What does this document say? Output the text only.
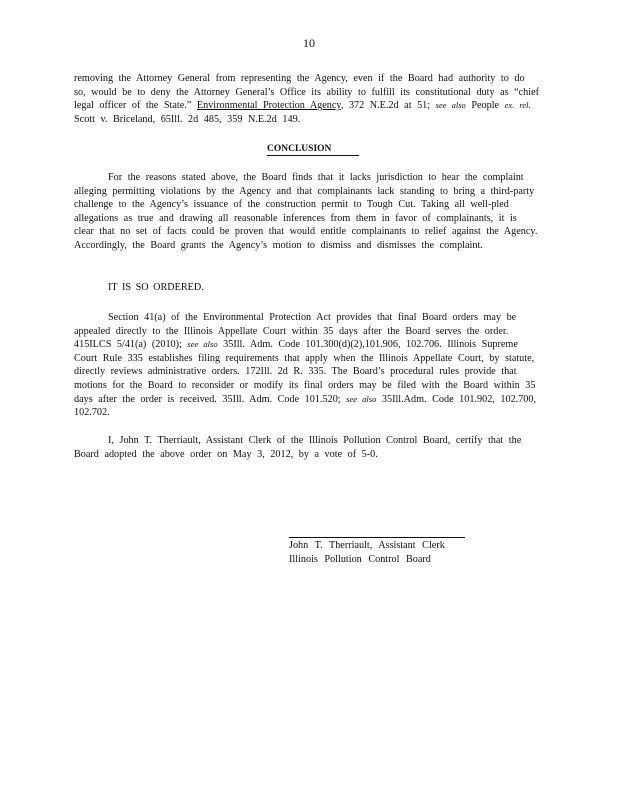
10

removing the Attorney General from representing the Agency, even if the Board had authority to do so, would be to deny the Attorney General’s Office its ability to fulfill its constitutional duty as “chief legal officer of the State.” Environmental Protection Agency, 372 N.E.2d at 51; see also People ex. rel. Scott v. Briceland, 65Ill. 2d 485, 359 N.E.2d 149.

CONCLUSION

For the reasons stated above, the Board finds that it lacks jurisdiction to hear the complaint alleging permitting violations by the Agency and that complainants lack standing to bring a third-party challenge to the Agency’s issuance of the construction permit to Tough Cut. Taking all well-pled allegations as true and drawing all reasonable inferences from them in favor of complainants, it is clear that no set of facts could be proven that would entitle complainants to relief against the Agency. Accordingly, the Board grants the Agency’s motion to dismiss and dismisses the complaint.

IT IS SO ORDERED.

Section 41(a) of the Environmental Protection Act provides that final Board orders may be appealed directly to the Illinois Appellate Court within 35 days after the Board serves the order. 415ILCS 5/41(a) (2010); see also 35Ill. Adm. Code 101.300(d)(2),101.906, 102.706. Illinois Supreme Court Rule 335 establishes filing requirements that apply when the Illinois Appellate Court, by statute, directly reviews administrative orders. 172Ill. 2d R. 335. The Board’s procedural rules provide that motions for the Board to reconsider or modify its final orders may be filed with the Board within 35 days after the order is received. 35Ill. Adm. Code 101.520; see also 35Ill.Adm. Code 101.902, 102.700, 102.702.

I, John T. Therriault, Assistant Clerk of the Illinois Pollution Control Board, certify that the Board adopted the above order on May 3, 2012, by a vote of 5-0.

John T. Therriault, Assistant Clerk
Illinois Pollution Control Board
